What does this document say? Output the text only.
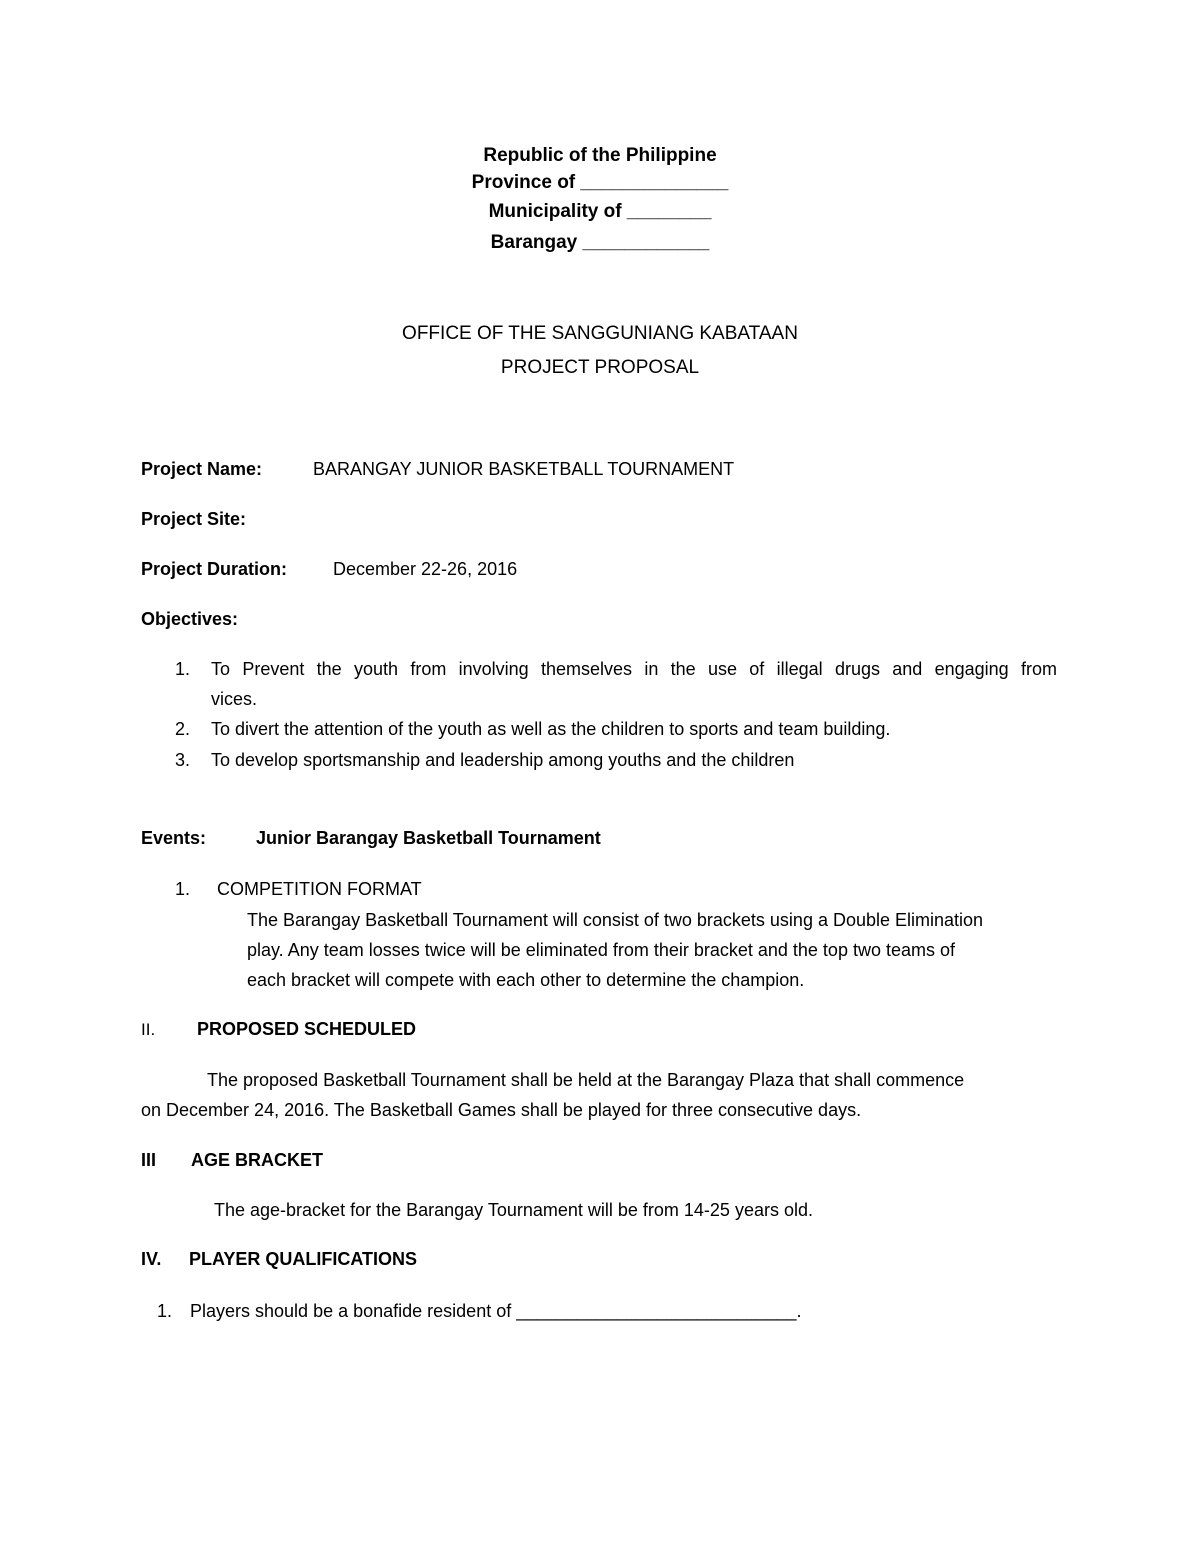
Republic of the Philippine
Province of ______________
Municipality of ________
Barangay ____________
OFFICE OF THE SANGGUNIANG KABATAAN
PROJECT PROPOSAL
Project Name:	BARANGAY JUNIOR BASKETBALL TOURNAMENT
Project Site:
Project Duration:	December 22-26, 2016
Objectives:
1. To Prevent the youth from involving themselves in the use of illegal drugs and engaging from
vices.
2. To divert the attention of the youth as well as the children to sports and team building.
3. To develop sportsmanship and leadership among youths and the children
Events:	Junior Barangay Basketball Tournament
1. COMPETITION FORMAT
The Barangay Basketball Tournament will consist of two brackets using a Double Elimination
play. Any team losses twice will be eliminated from their bracket and the top two teams of
each bracket will compete with each other to determine the champion.
II. PROPOSED SCHEDULED
The proposed Basketball Tournament shall be held at the Barangay Plaza that shall commence
on December 24, 2016. The Basketball Games shall be played for three consecutive days.
III AGE BRACKET
The age-bracket for the Barangay Tournament will be from 14-25 years old.
IV. PLAYER QUALIFICATIONS
1. Players should be a bonafide resident of ____________________________.
